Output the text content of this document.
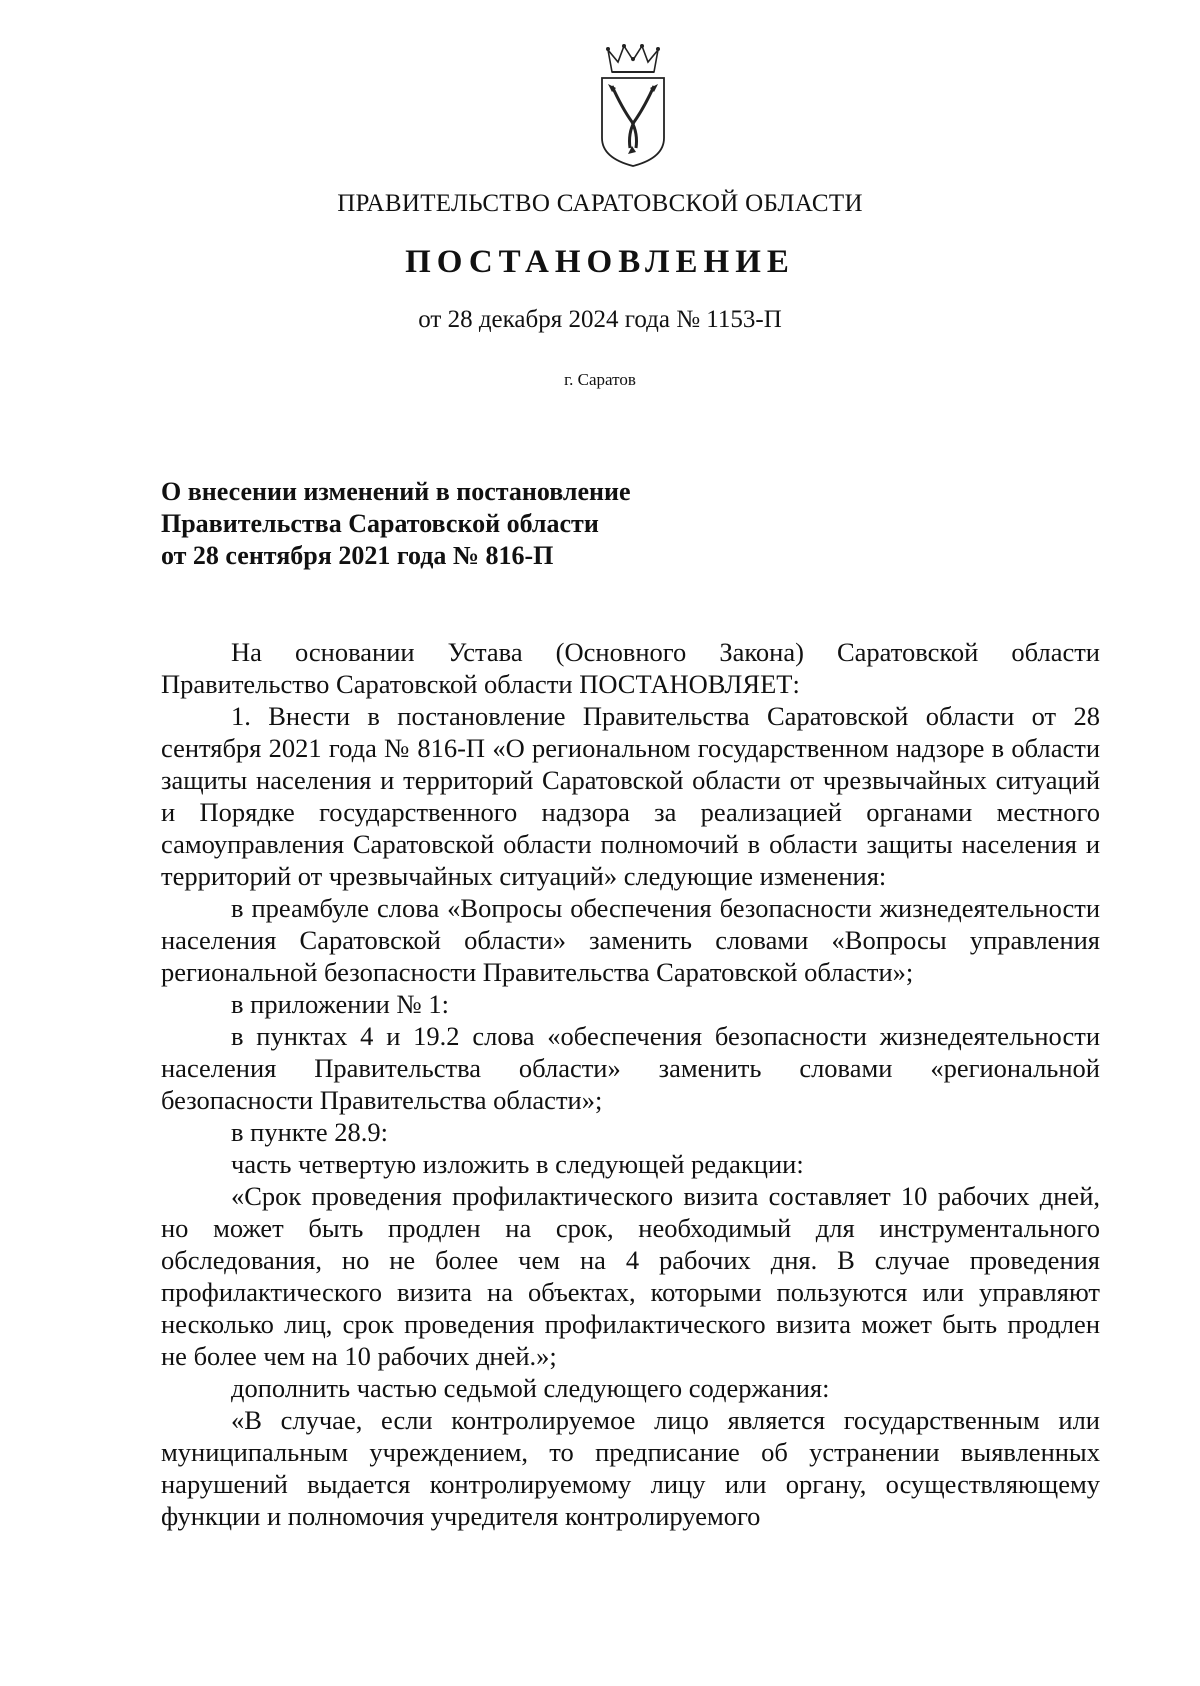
ПРАВИТЕЛЬСТВО САРАТОВСКОЙ ОБЛАСТИ
ПОСТАНОВЛЕНИЕ
от 28 декабря 2024 года № 1153-П
г. Саратов
О внесении изменений в постановление
Правительства Саратовской области
от 28 сентября 2021 года № 816-П

На основании Устава (Основного Закона) Саратовской области Правительство Саратовской области ПОСТАНОВЛЯЕТ:

1. Внести в постановление Правительства Саратовской области от 28 сентября 2021 года № 816-П «О региональном государственном надзоре в области защиты населения и территорий Саратовской области от чрезвычайных ситуаций и Порядке государственного надзора за реализацией органами местного самоуправления Саратовской области полномочий в области защиты населения и территорий от чрезвычайных ситуаций» следующие изменения:

в преамбуле слова «Вопросы обеспечения безопасности жизнедеятельности населения Саратовской области» заменить словами «Вопросы управления региональной безопасности Правительства Саратовской области»;

в приложении № 1:

в пунктах 4 и 19.2 слова «обеспечения безопасности жизнедеятельности населения Правительства области» заменить словами «региональной безопасности Правительства области»;

в пункте 28.9:

часть четвертую изложить в следующей редакции:

«Срок проведения профилактического визита составляет 10 рабочих дней, но может быть продлен на срок, необходимый для инструментального обследования, но не более чем на 4 рабочих дня. В случае проведения профилактического визита на объектах, которыми пользуются или управляют несколько лиц, срок проведения профилактического визита может быть продлен не более чем на 10 рабочих дней.»;

дополнить частью седьмой следующего содержания:

«В случае, если контролируемое лицо является государственным или муниципальным учреждением, то предписание об устранении выявленных нарушений выдается контролируемому лицу или органу, осуществляющему функции и полномочия учредителя контролируемого
